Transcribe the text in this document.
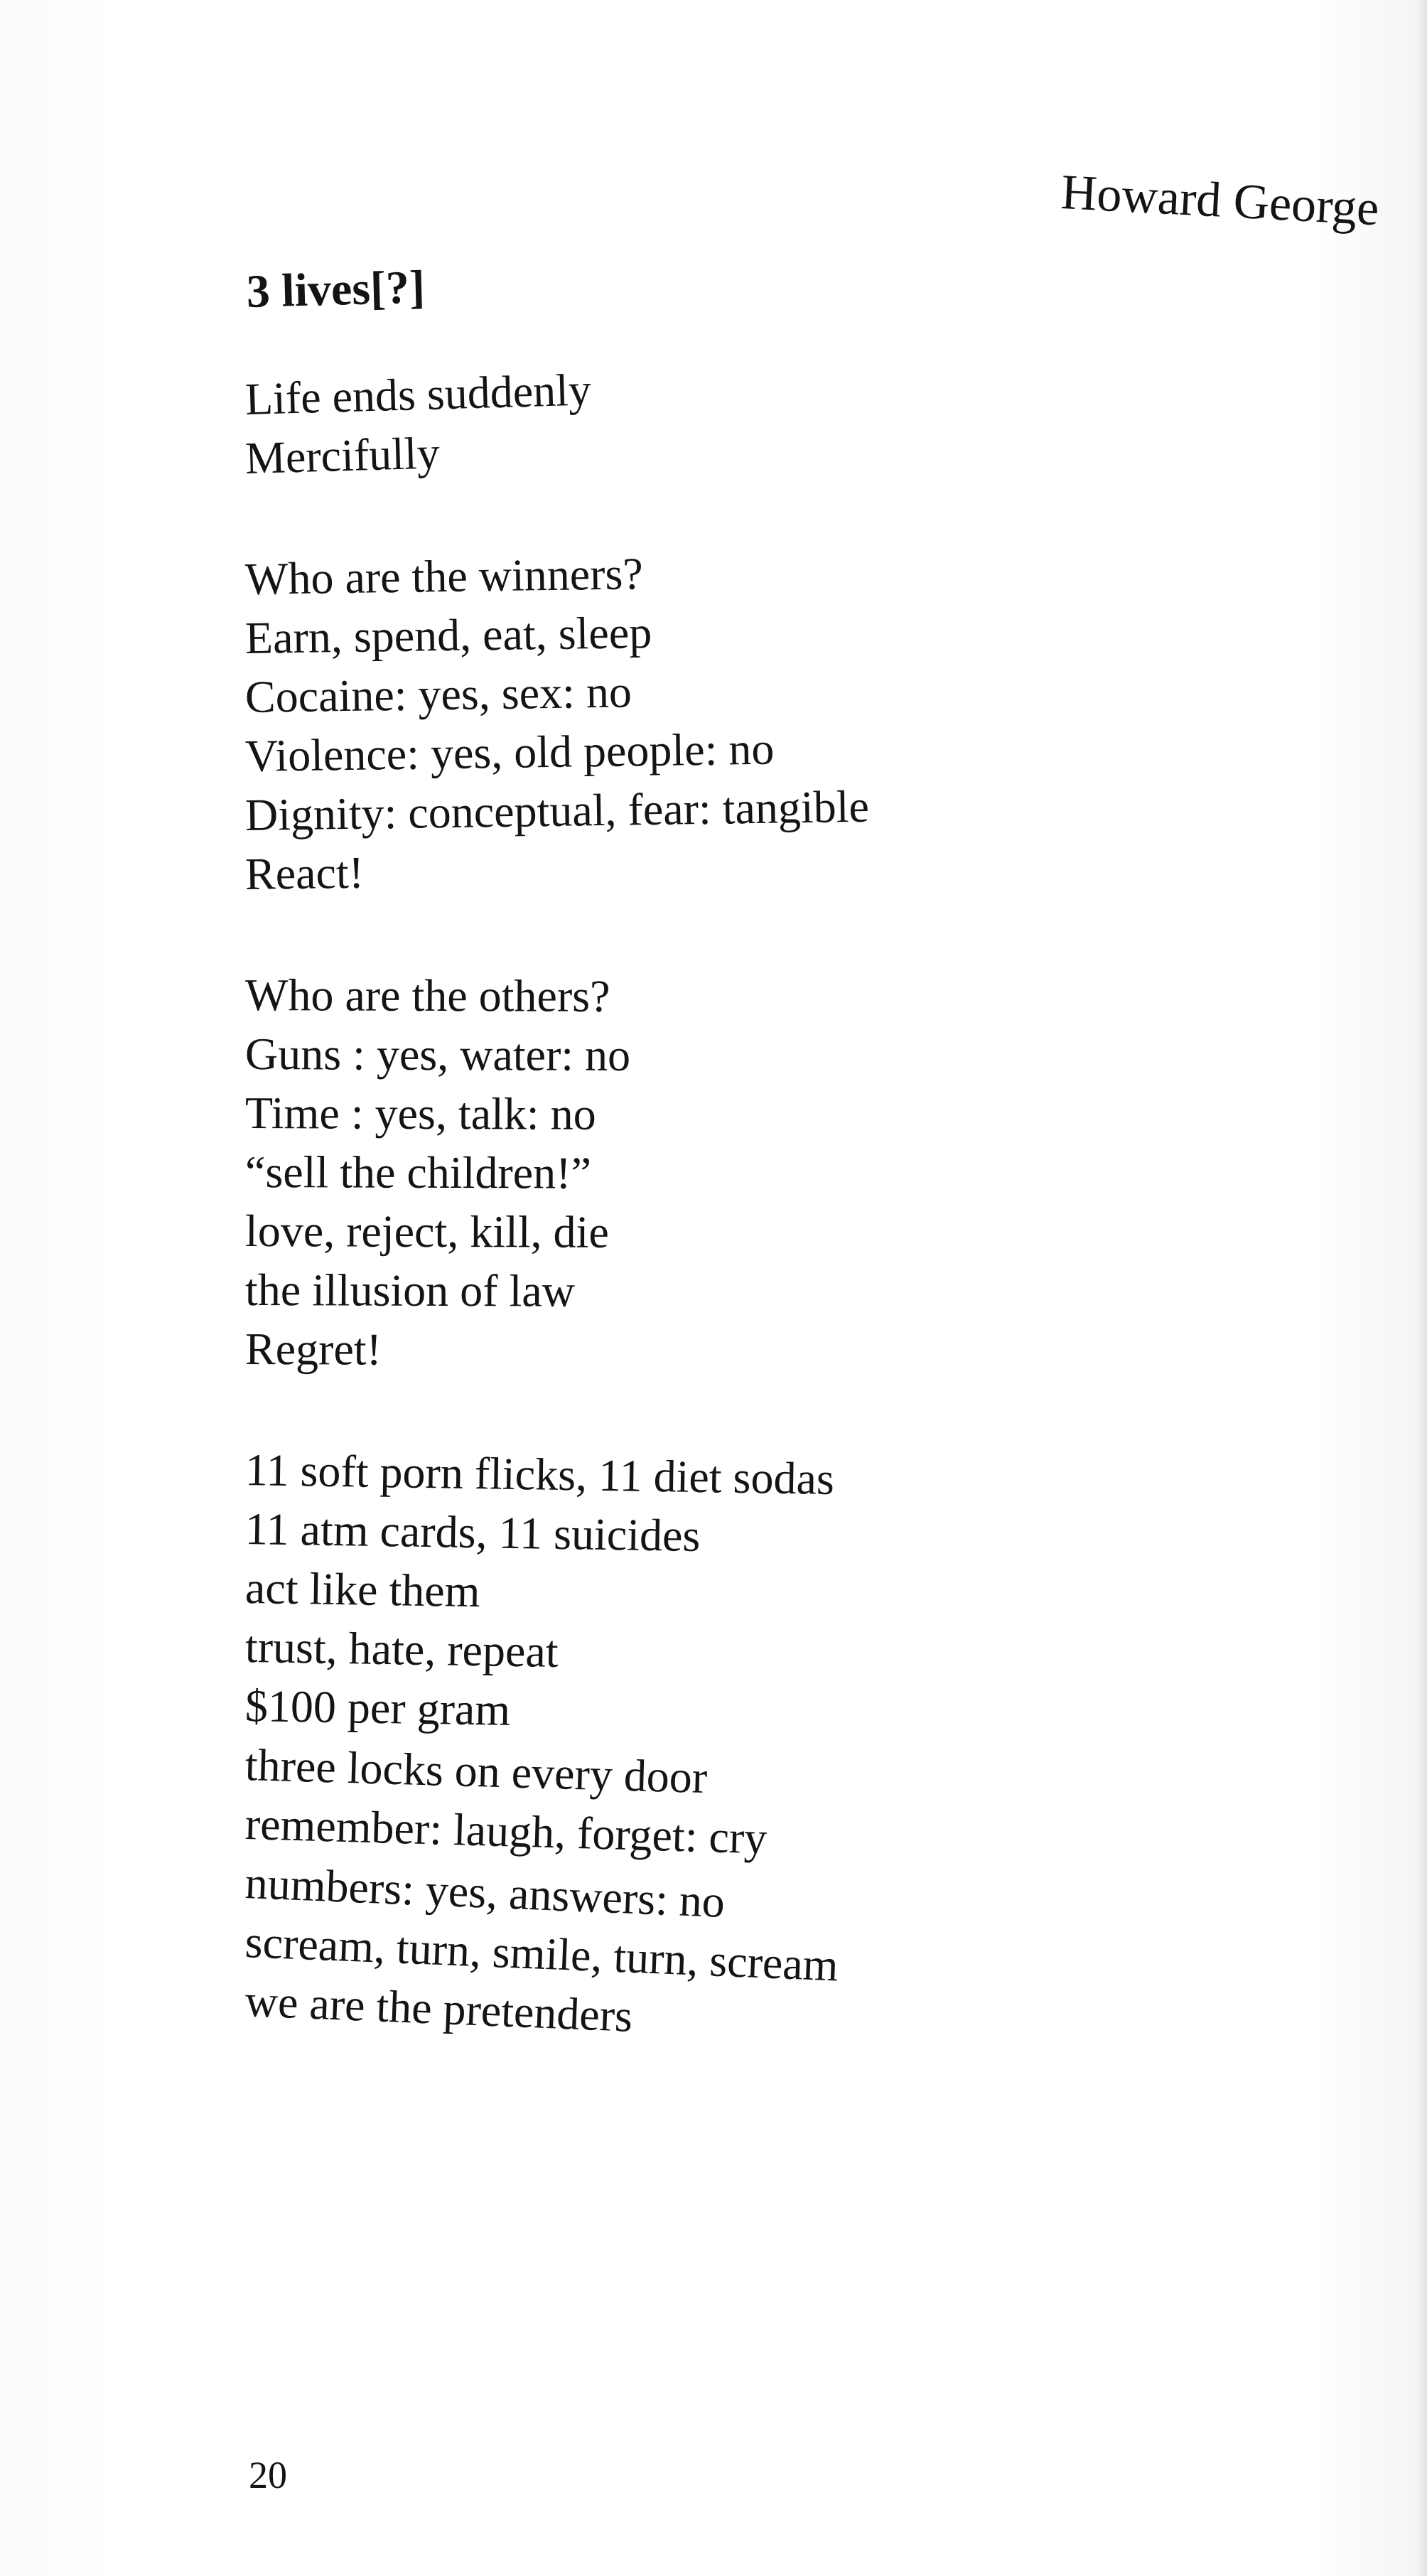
Howard George
3 lives[?]
Life ends suddenly
Mercifully
Who are the winners?
Earn, spend, eat, sleep
Cocaine: yes, sex: no
Violence: yes, old people: no
Dignity: conceptual, fear: tangible
React!
Who are the others?
Guns : yes, water: no
Time : yes, talk: no
“sell the children!”
love, reject, kill, die
the illusion of law
Regret!
11 soft porn flicks, 11 diet sodas
11 atm cards, 11 suicides
act like them
trust, hate, repeat
$100 per gram
three locks on every door
remember: laugh, forget: cry
numbers: yes, answers: no
scream, turn, smile, turn, scream
we are the pretenders
20
